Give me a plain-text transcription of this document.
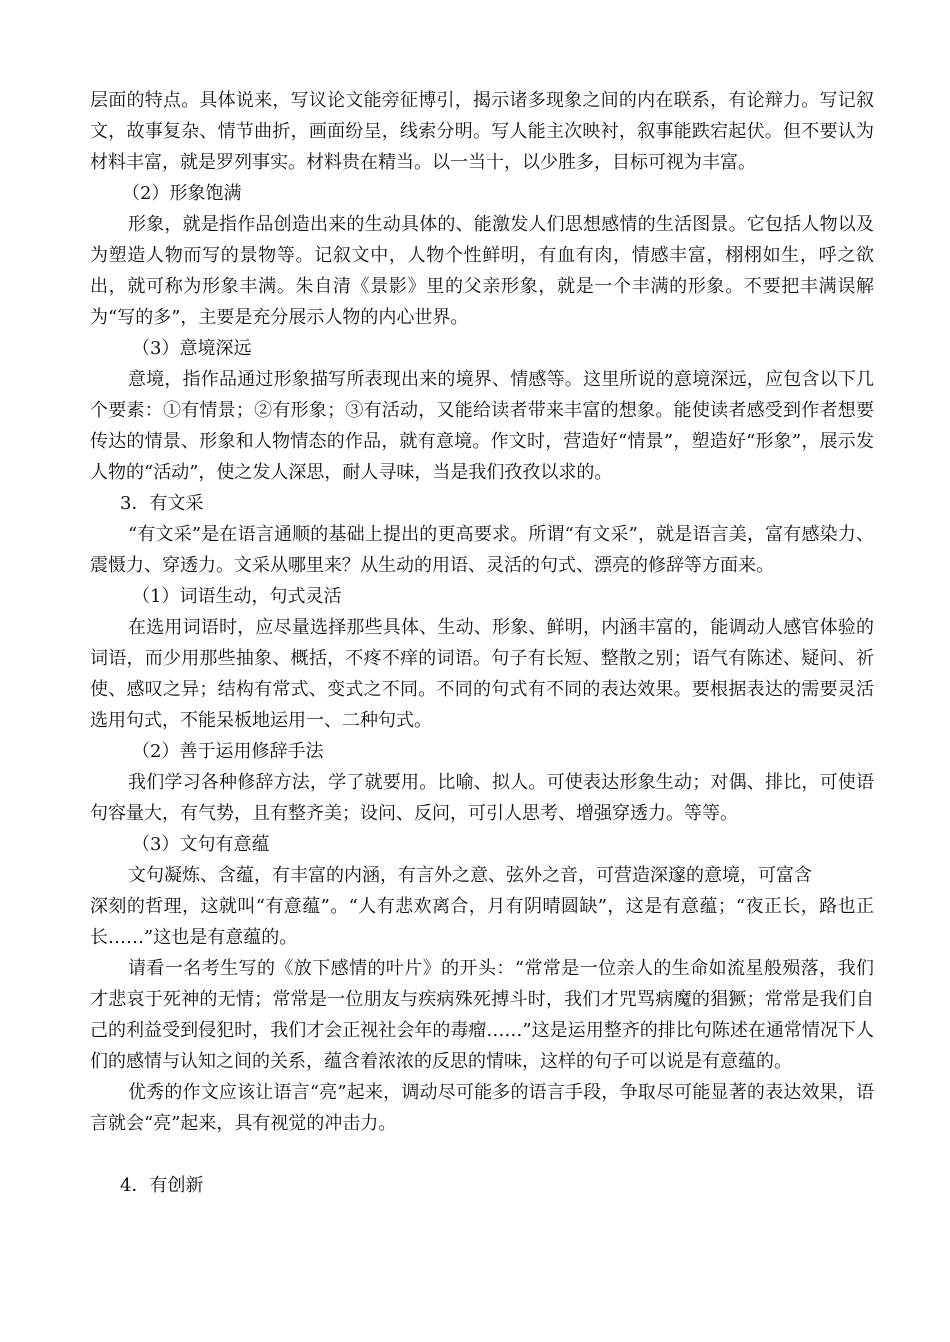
层面的特点。具体说来，写议论文能旁征博引，揭示诸多现象之间的内在联系，有论辩力。写记叙文，故事复杂、情节曲折，画面纷呈，线索分明。写人能主次映衬，叙事能跌宕起伏。但不要认为材料丰富，就是罗列事实。材料贵在精当。以一当十，以少胜多，目标可视为丰富。

（2）形象饱满

形象，就是指作品创造出来的生动具体的、能激发人们思想感情的生活图景。它包括人物以及为塑造人物而写的景物等。记叙文中，人物个性鲜明，有血有肉，情感丰富，栩栩如生，呼之欲出，就可称为形象丰满。朱自清《景影》里的父亲形象，就是一个丰满的形象。不要把丰满误解为“写的多”，主要是充分展示人物的内心世界。

（3）意境深远

意境，指作品通过形象描写所表现出来的境界、情感等。这里所说的意境深远，应包含以下几个要素：①有情景；②有形象；③有活动，又能给读者带来丰富的想象。能使读者感受到作者想要传达的情景、形象和人物情态的作品，就有意境。作文时，营造好“情景”，塑造好“形象”，展示发人物的“活动”，使之发人深思，耐人寻味，当是我们孜孜以求的。

3．有文采

“有文采”是在语言通顺的基础上提出的更高要求。所谓“有文采”，就是语言美，富有感染力、震慑力、穿透力。文采从哪里来？从生动的用语、灵活的句式、漂亮的修辞等方面来。

（1）词语生动，句式灵活

在选用词语时，应尽量选择那些具体、生动、形象、鲜明，内涵丰富的，能调动人感官体验的词语，而少用那些抽象、概括，不疼不痒的词语。句子有长短、整散之别；语气有陈述、疑问、祈使、感叹之异；结构有常式、变式之不同。不同的句式有不同的表达效果。要根据表达的需要灵活选用句式，不能呆板地运用一、二种句式。

（2）善于运用修辞手法

我们学习各种修辞方法，学了就要用。比喻、拟人。可使表达形象生动；对偶、排比，可使语句容量大，有气势，且有整齐美；设问、反问，可引人思考、增强穿透力。等等。

（3）文句有意蕴

文句凝炼、含蕴，有丰富的内涵，有言外之意、弦外之音，可营造深邃的意境，可富含

深刻的哲理，这就叫“有意蕴”。“人有悲欢离合，月有阴晴圆缺”，这是有意蕴；“夜正长，路也正长……”这也是有意蕴的。

请看一名考生写的《放下感情的叶片》的开头：“常常是一位亲人的生命如流星般殒落，我们才悲哀于死神的无情；常常是一位朋友与疾病殊死搏斗时，我们才咒骂病魔的猖獗；常常是我们自己的利益受到侵犯时，我们才会正视社会年的毒瘤……”这是运用整齐的排比句陈述在通常情况下人们的感情与认知之间的关系，蕴含着浓浓的反思的情味，这样的句子可以说是有意蕴的。

优秀的作文应该让语言“亮”起来，调动尽可能多的语言手段，争取尽可能显著的表达效果，语言就会“亮”起来，具有视觉的冲击力。

4．有创新
